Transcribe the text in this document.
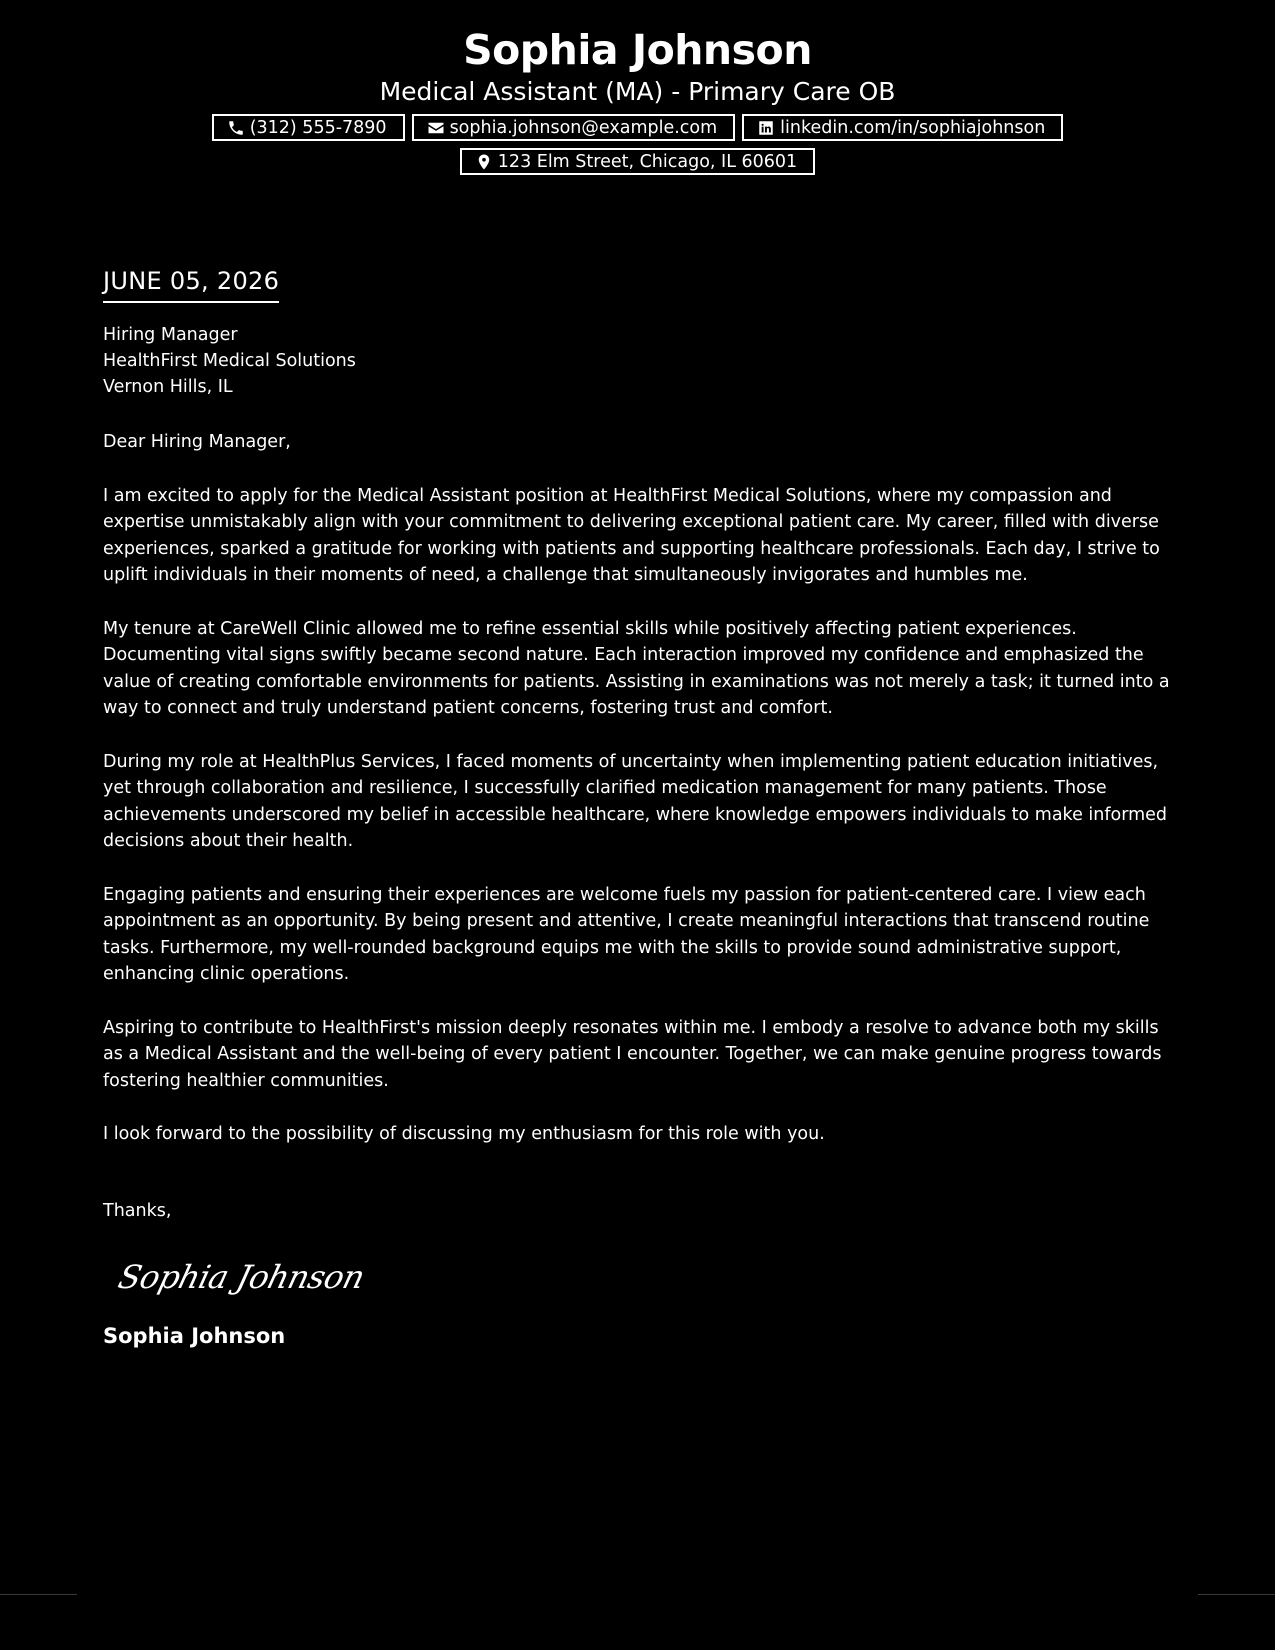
Sophia Johnson
Medical Assistant (MA) - Primary Care OB
(312) 555-7890	sophia.johnson@example.com	linkedin.com/in/sophiajohnson
123 Elm Street, Chicago, IL 60601
JUNE 05, 2026
Hiring Manager
HealthFirst Medical Solutions
Vernon Hills, IL
Dear Hiring Manager,
I am excited to apply for the Medical Assistant position at HealthFirst Medical Solutions, where my compassion and expertise unmistakably align with your commitment to delivering exceptional patient care. My career, filled with diverse experiences, sparked a gratitude for working with patients and supporting healthcare professionals. Each day, I strive to uplift individuals in their moments of need, a challenge that simultaneously invigorates and humbles me.
My tenure at CareWell Clinic allowed me to refine essential skills while positively affecting patient experiences. Documenting vital signs swiftly became second nature. Each interaction improved my confidence and emphasized the value of creating comfortable environments for patients. Assisting in examinations was not merely a task; it turned into a way to connect and truly understand patient concerns, fostering trust and comfort.
During my role at HealthPlus Services, I faced moments of uncertainty when implementing patient education initiatives, yet through collaboration and resilience, I successfully clarified medication management for many patients. Those achievements underscored my belief in accessible healthcare, where knowledge empowers individuals to make informed decisions about their health.
Engaging patients and ensuring their experiences are welcome fuels my passion for patient-centered care. I view each appointment as an opportunity. By being present and attentive, I create meaningful interactions that transcend routine tasks. Furthermore, my well-rounded background equips me with the skills to provide sound administrative support, enhancing clinic operations.
Aspiring to contribute to HealthFirst's mission deeply resonates within me. I embody a resolve to advance both my skills as a Medical Assistant and the well-being of every patient I encounter. Together, we can make genuine progress towards fostering healthier communities.
I look forward to the possibility of discussing my enthusiasm for this role with you.
Thanks,
Sophia Johnson
Sophia Johnson
